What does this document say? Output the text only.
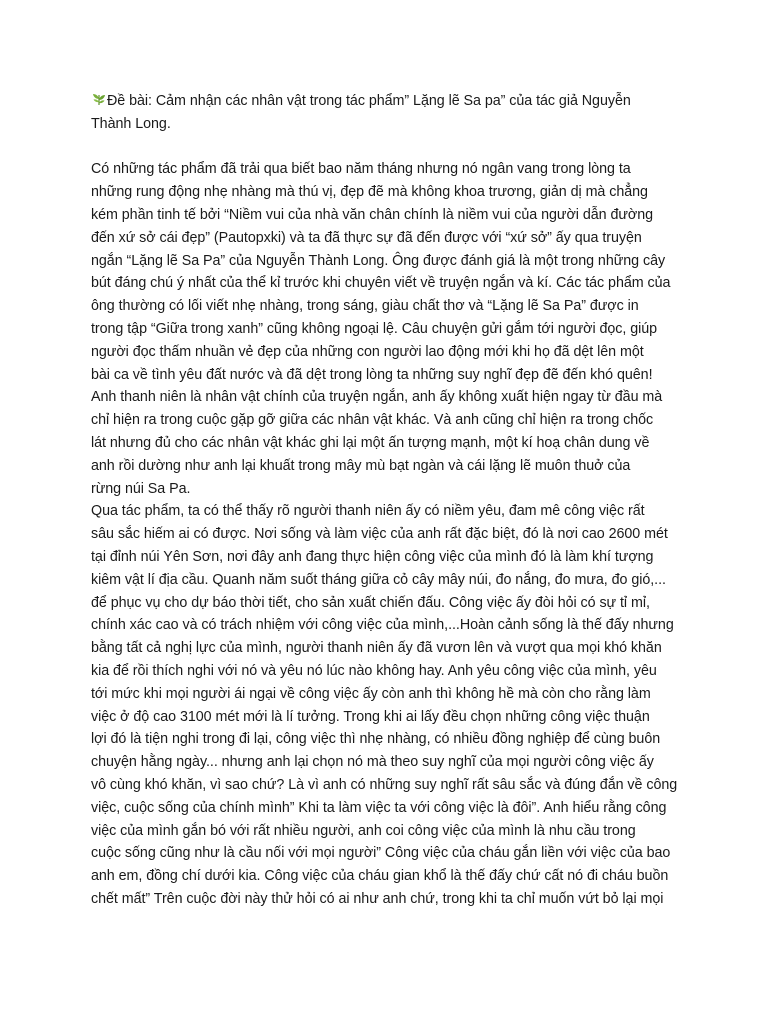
Đề bài: Cảm nhận các nhân vật trong tác phẩm” Lặng lẽ Sa pa” của tác giả Nguyễn
Thành Long.
Có những tác phẩm đã trải qua biết bao năm tháng nhưng nó ngân vang trong lòng ta
những rung động nhẹ nhàng mà thú vị, đẹp đẽ mà không khoa trương, giản dị mà chẳng
kém phần tinh tế bởi “Niềm vui của nhà văn chân chính là niềm vui của người dẫn đường
đến xứ sở cái đẹp” (Pautopxki) và ta đã thực sự đã đến được với “xứ sở” ấy qua truyện
ngắn “Lặng lẽ Sa Pa” của Nguyễn Thành Long. Ông được đánh giá là một trong những cây
bút đáng chú ý nhất của thể kỉ trước khi chuyên viết về truyện ngắn và kí. Các tác phẩm của
ông thường có lối viết nhẹ nhàng, trong sáng, giàu chất thơ và “Lặng lẽ Sa Pa” được in
trong tập “Giữa trong xanh” cũng không ngoại lệ. Câu chuyện gửi gắm tới người đọc, giúp
người đọc thấm nhuần vẻ đẹp của những con người lao động mới khi họ đã dệt lên một
bài ca về tình yêu đất nước và đã dệt trong lòng ta những suy nghĩ đẹp đẽ đến khó quên!
Anh thanh niên là nhân vật chính của truyện ngắn, anh ấy không xuất hiện ngay từ đầu mà
chỉ hiện ra trong cuộc gặp gỡ giữa các nhân vật khác. Và anh cũng chỉ hiện ra trong chốc
lát nhưng đủ cho các nhân vật khác ghi lại một ấn tượng mạnh, một kí hoạ chân dung về
anh rồi dường như anh lại khuất trong mây mù bạt ngàn và cái lặng lẽ muôn thuở của
rừng núi Sa Pa.
Qua tác phẩm, ta có thể thấy rõ người thanh niên ấy có niềm yêu, đam mê công việc rất
sâu sắc hiếm ai có được. Nơi sống và làm việc của anh rất đặc biệt, đó là nơi cao 2600 mét
tại đỉnh núi Yên Sơn, nơi đây anh đang thực hiện công việc của mình đó là làm khí tượng
kiêm vật lí địa cầu. Quanh năm suốt tháng giữa cỏ cây mây núi, đo nắng, đo mưa, đo gió,...
để phục vụ cho dự báo thời tiết, cho sản xuất chiến đấu. Công việc ấy đòi hỏi có sự tỉ mỉ,
chính xác cao và có trách nhiệm với công việc của mình,...Hoàn cảnh sống là thế đấy nhưng
bằng tất cả nghị lực của mình, người thanh niên ấy đã vươn lên và vượt qua mọi khó khăn
kia để rồi thích nghi với nó và yêu nó lúc nào không hay. Anh yêu công việc của mình, yêu
tới mức khi mọi người ái ngại về công việc ấy còn anh thì không hề mà còn cho rằng làm
việc ở độ cao 3100 mét mới là lí tưởng. Trong khi ai lấy đều chọn những công việc thuận
lợi đó là tiện nghi trong đi lại, công việc thì nhẹ nhàng, có nhiều đồng nghiệp để cùng buôn
chuyện hằng ngày... nhưng anh lại chọn nó mà theo suy nghĩ của mọi người công việc ấy
vô cùng khó khăn, vì sao chứ? Là vì anh có những suy nghĩ rất sâu sắc và đúng đắn về công
việc, cuộc sống của chính mình” Khi ta làm việc ta với công việc là đôi”. Anh hiểu rằng công
việc của mình gắn bó với rất nhiều người, anh coi công việc của mình là nhu cầu trong
cuộc sống cũng như là cầu nối với mọi người” Công việc của cháu gắn liền với việc của bao
anh em, đồng chí dưới kia. Công việc của cháu gian khổ là thế đấy chứ cất nó đi cháu buồn
chết mất” Trên cuộc đời này thử hỏi có ai như anh chứ, trong khi ta chỉ muốn vứt bỏ lại mọi
